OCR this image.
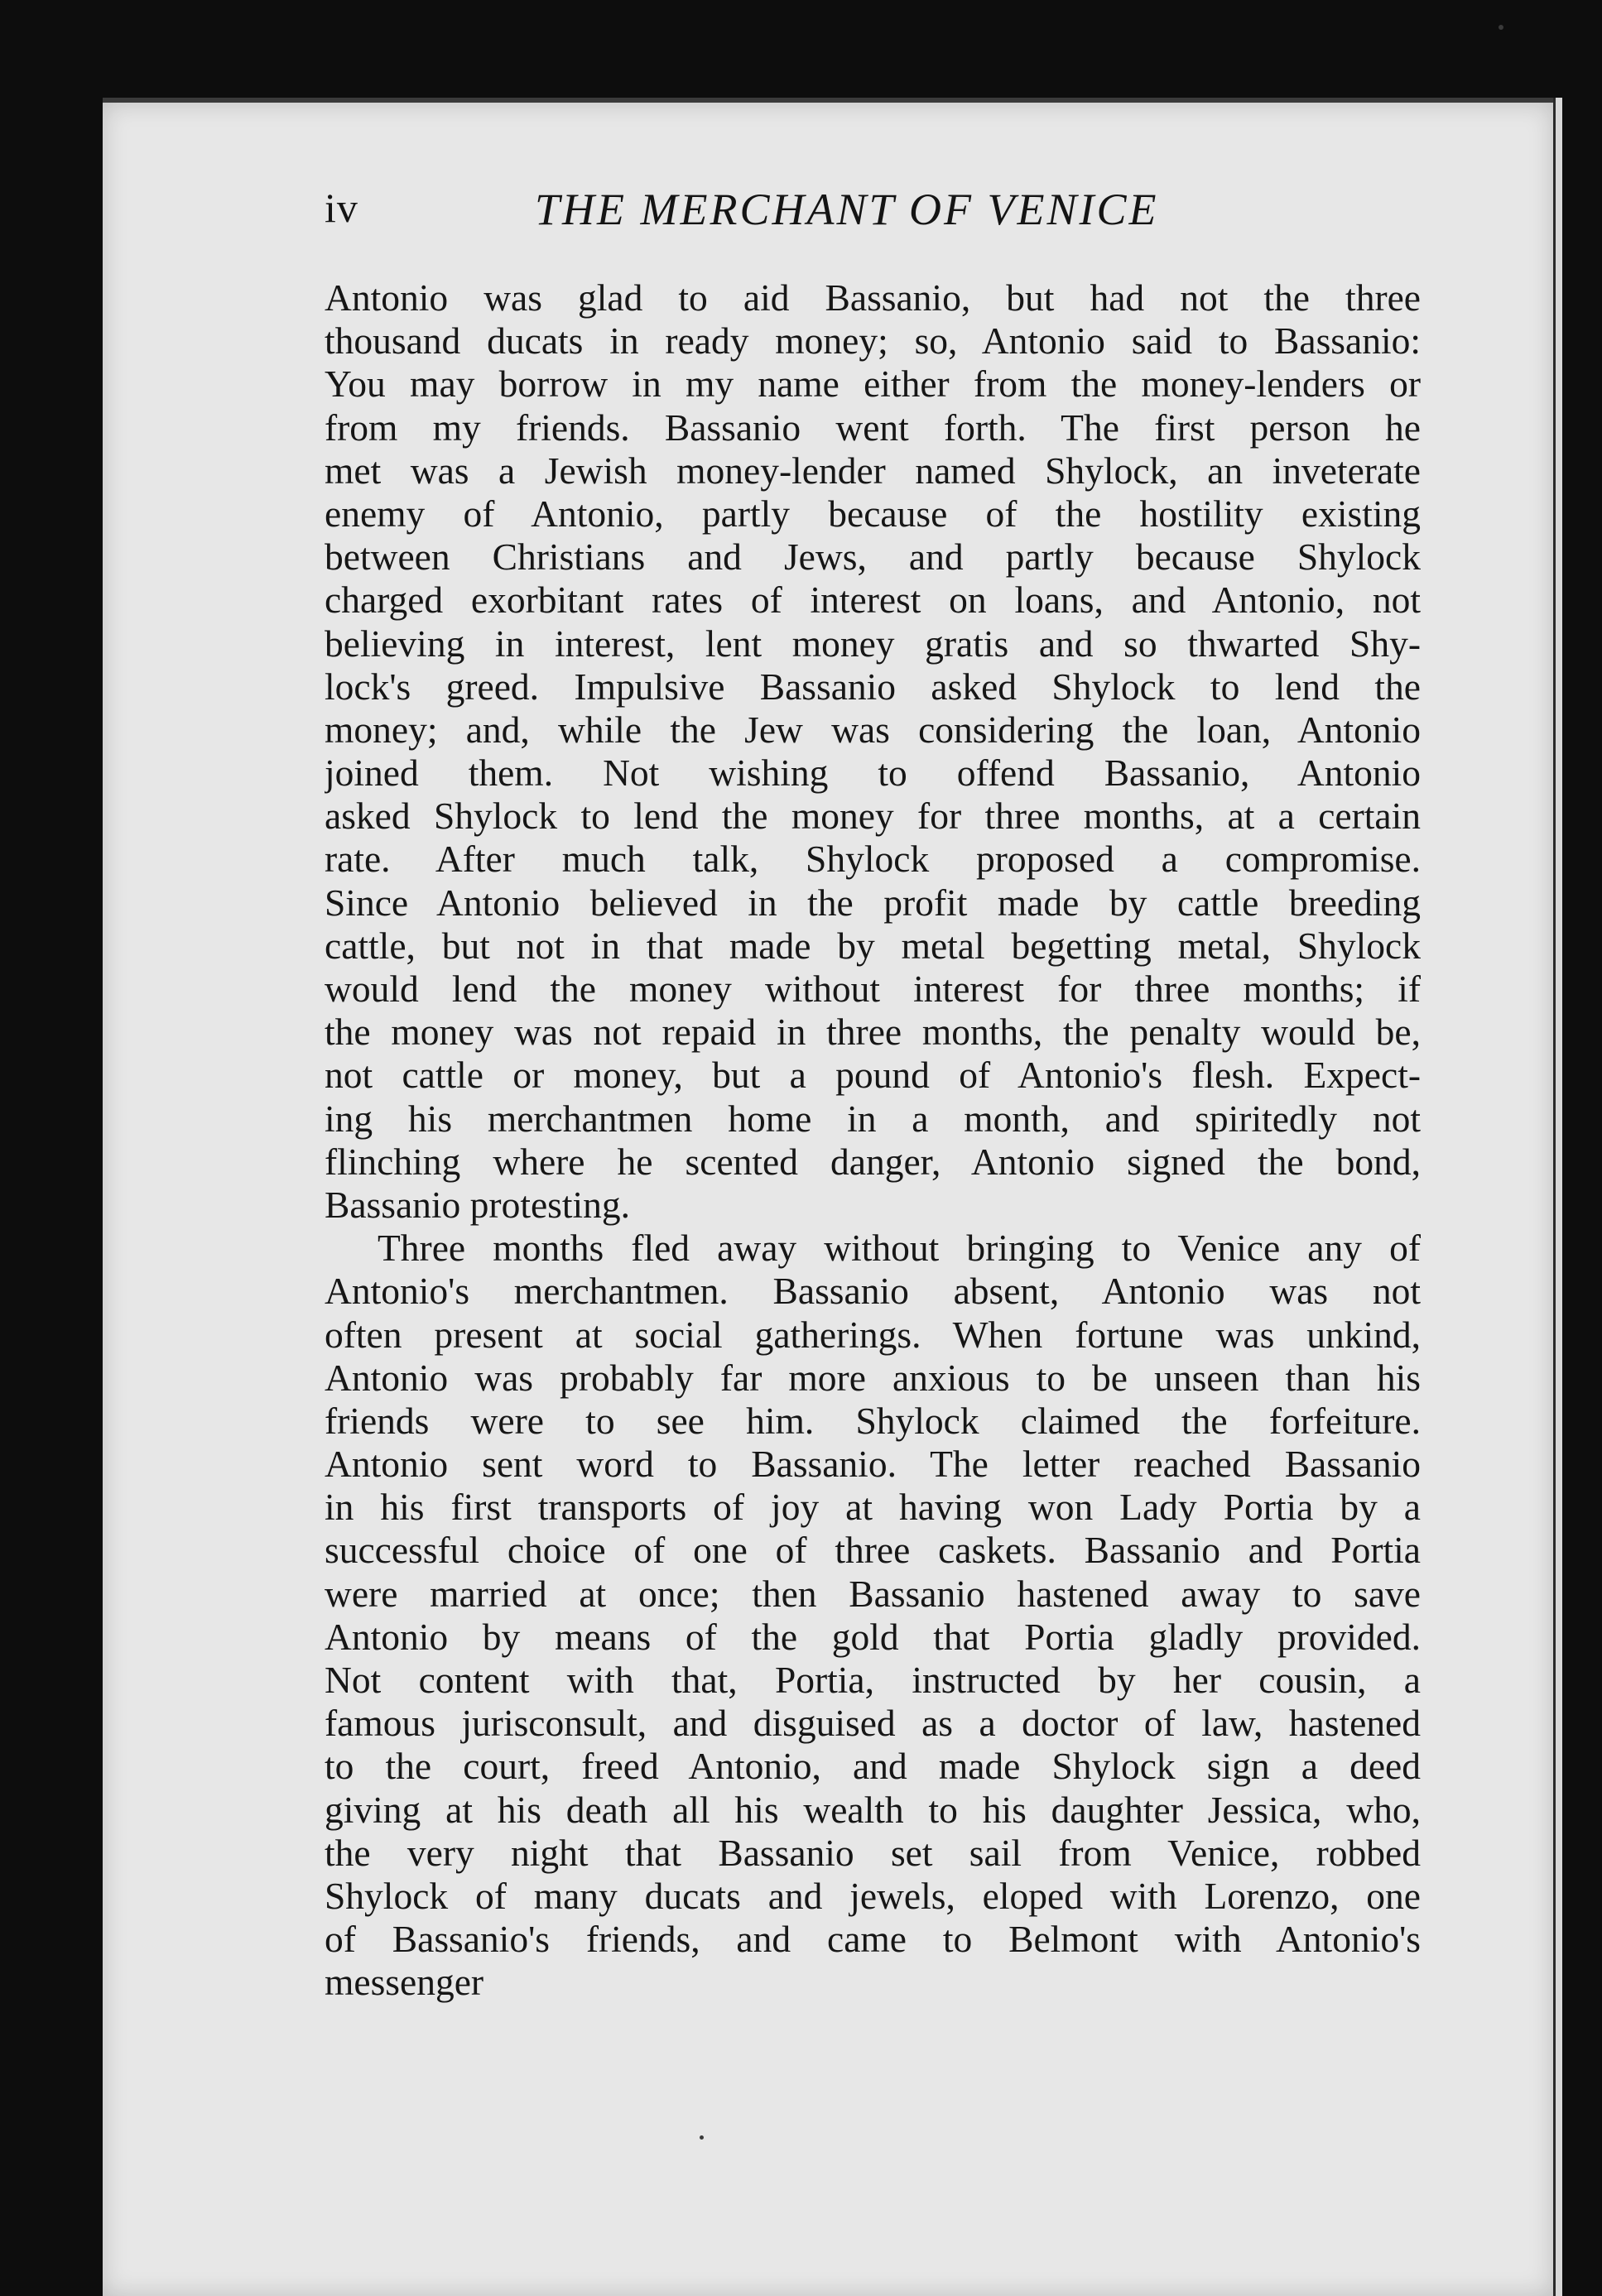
iv	THE MERCHANT OF VENICE
Antonio was glad to aid Bassanio, but had not the three
thousand ducats in ready money; so, Antonio said to Bassanio:
You may borrow in my name either from the money-lenders or
from my friends. Bassanio went forth. The first person he
met was a Jewish money-lender named Shylock, an inveterate
enemy of Antonio, partly because of the hostility existing
between Christians and Jews, and partly because Shylock
charged exorbitant rates of interest on loans, and Antonio, not
believing in interest, lent money gratis and so thwarted Shy-
lock's greed. Impulsive Bassanio asked Shylock to lend the
money; and, while the Jew was considering the loan, Antonio
joined them. Not wishing to offend Bassanio, Antonio
asked Shylock to lend the money for three months, at a certain
rate. After much talk, Shylock proposed a compromise.
Since Antonio believed in the profit made by cattle breeding
cattle, but not in that made by metal begetting metal, Shylock
would lend the money without interest for three months; if
the money was not repaid in three months, the penalty would be,
not cattle or money, but a pound of Antonio's flesh. Expect-
ing his merchantmen home in a month, and spiritedly not
flinching where he scented danger, Antonio signed the bond,
Bassanio protesting.
Three months fled away without bringing to Venice any of
Antonio's merchantmen. Bassanio absent, Antonio was not
often present at social gatherings. When fortune was unkind,
Antonio was probably far more anxious to be unseen than his
friends were to see him. Shylock claimed the forfeiture.
Antonio sent word to Bassanio. The letter reached Bassanio
in his first transports of joy at having won Lady Portia by a
successful choice of one of three caskets. Bassanio and Portia
were married at once; then Bassanio hastened away to save
Antonio by means of the gold that Portia gladly provided.
Not content with that, Portia, instructed by her cousin, a
famous jurisconsult, and disguised as a doctor of law, hastened
to the court, freed Antonio, and made Shylock sign a deed
giving at his death all his wealth to his daughter Jessica, who,
the very night that Bassanio set sail from Venice, robbed
Shylock of many ducats and jewels, eloped with Lorenzo, one
of Bassanio's friends, and came to Belmont with Antonio's
messenger
